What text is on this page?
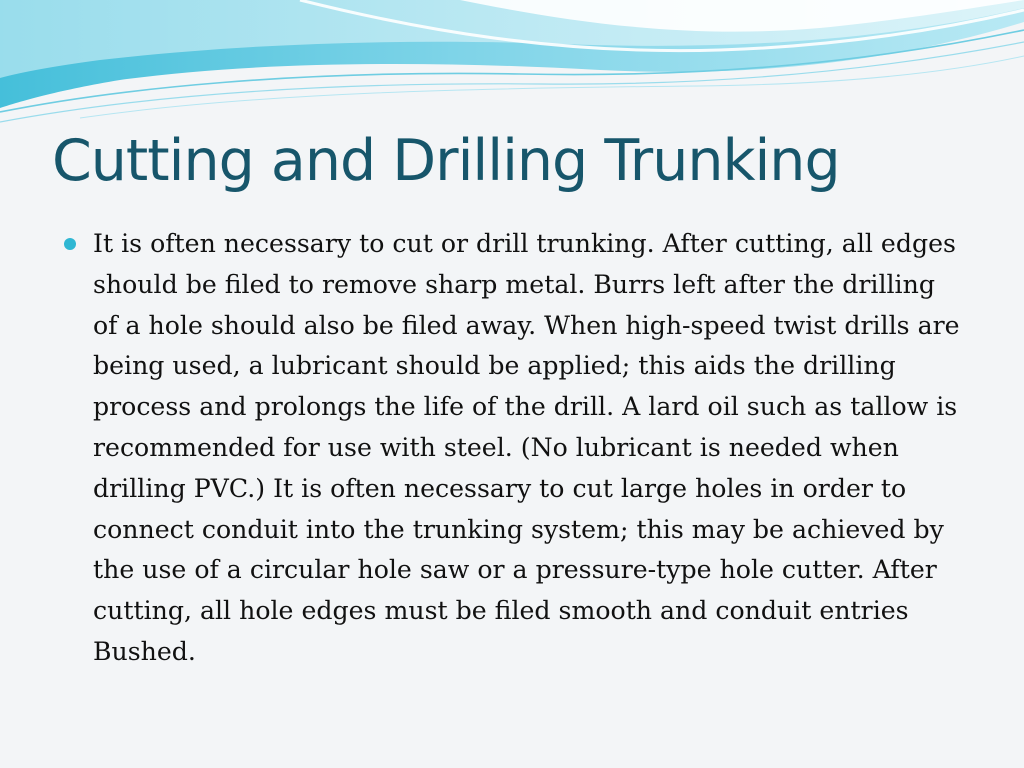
Cutting and Drilling Trunking
It is often necessary to cut or drill trunking. After cutting, all edges should be filed to remove sharp metal. Burrs left after the drilling of a hole should also be filed away. When high-speed twist drills are being used, a lubricant should be applied; this aids the drilling process and prolongs the life of the drill. A lard oil such as tallow is recommended for use with steel. (No lubricant is needed when drilling PVC.) It is often necessary to cut large holes in order to connect conduit into the trunking system; this may be achieved by the use of a circular hole saw or a pressure-type hole cutter. After cutting, all hole edges must be filed smooth and conduit entries Bushed.
